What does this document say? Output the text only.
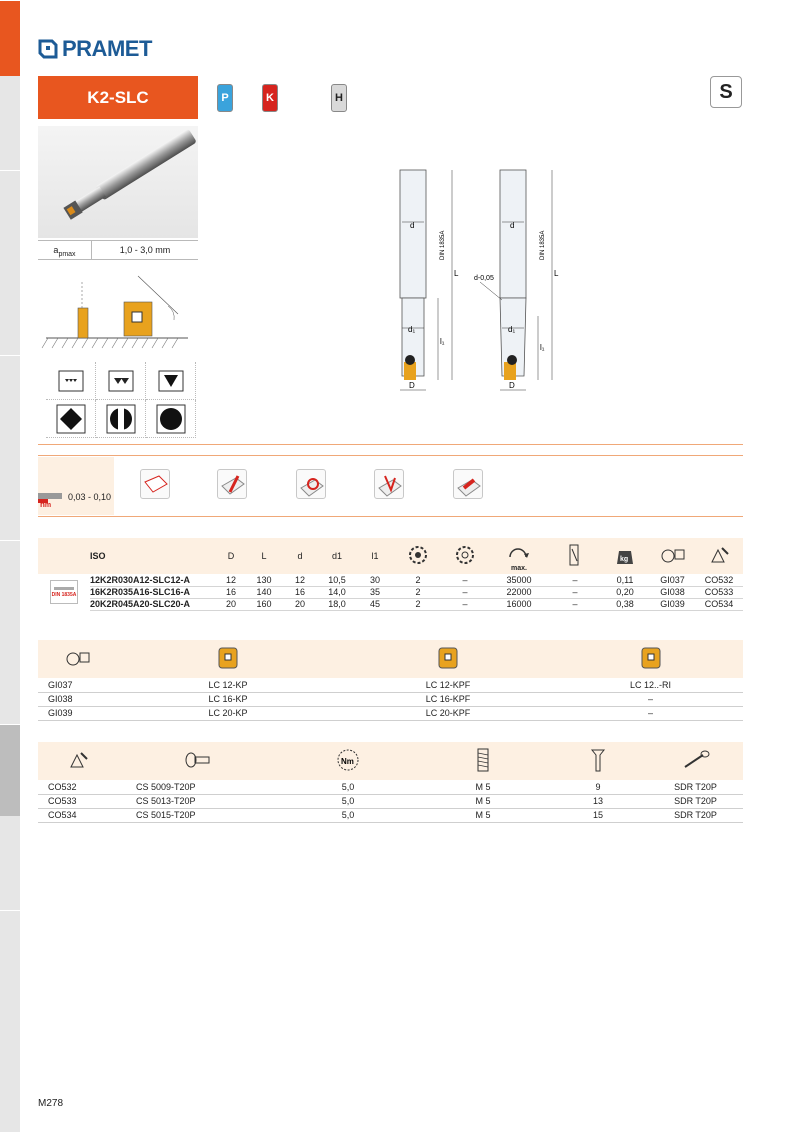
PRAMET
K2-SLC	P	K	H	S
a pmax	1,0 - 3,0 mm
d	d
d₁	d₁
D	D
L	L
l₁
l₁
d-0,05
DIN 1835A	DIN 1835A
0,03 - 0,10
hm
	ISO	D	L	d	d1	l1			max.		kg

DIN 1835A	12K2R030A12-SLC12-A	12	130	12	10,5	30	2	–	35000	–	0,11	GI037	CO532
	16K2R035A16-SLC16-A	16	140	16	14,0	35	2	–	22000	–	0,20	GI038	CO533
	20K2R045A20-SLC20-A	20	160	20	18,0	45	2	–	16000	–	0,38	GI039	CO534

GI037	LC 12-KP	LC 12-KPF	LC 12..-RI
GI038	LC 16-KP	LC 16-KPF	–
GI039	LC 20-KP	LC 20-KPF	–

Nm

CO532	CS 5009-T20P	5,0	M 5	9	SDR T20P
CO533	CS 5013-T20P	5,0	M 5	13	SDR T20P
CO534	CS 5015-T20P	5,0	M 5	15	SDR T20P
M278
